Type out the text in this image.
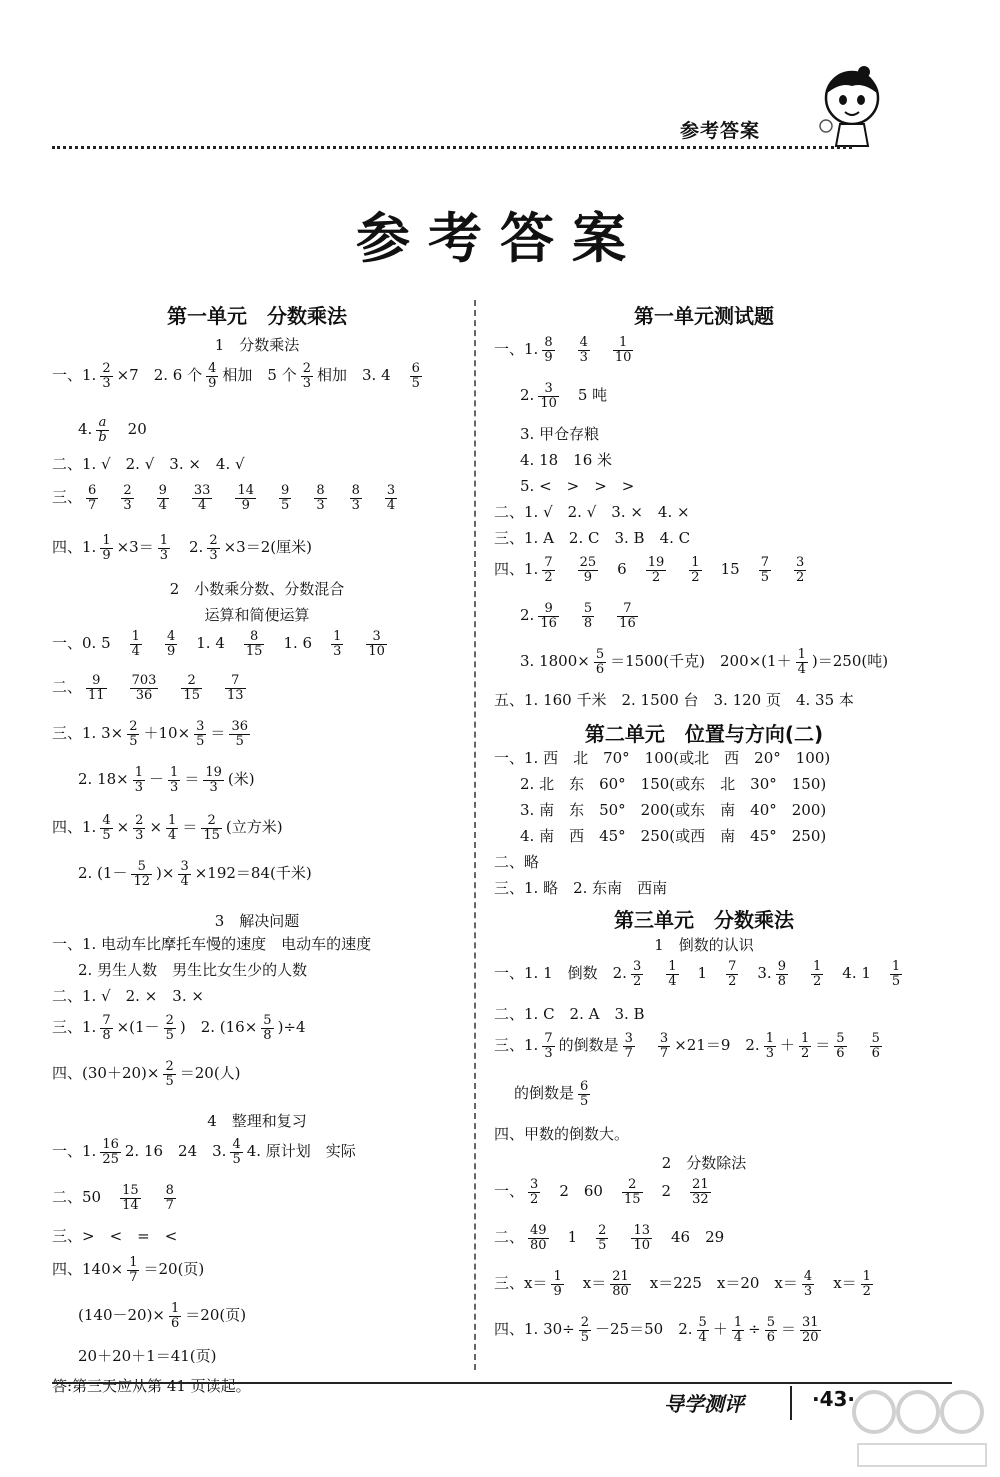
参考答案
参考答案
第一单元　分数乘法
1　分数乘法
一、1. $\frac{2}{3} \times 7$　2. 6 个 $\frac{4}{9}$ 相加　5 个 $\frac{2}{3}$ 相加　3. 4　 $\frac{6}{5}$
4. $\frac{a}{b}$
　 20
二、1. √　2. √　3. ×　4. √
三、 $\frac{6}{7}$
　 $\frac{2}{3}$
　 $\frac{9}{4}$
　 $\frac{33}{4}$
　 $\frac{14}{9}$
　 $\frac{9}{5}$
　 $\frac{8}{3}$
　 $\frac{8}{3}$
　 $\frac{3}{4}$
四、1. $\frac{1}{9} \times 3= \frac{1}{3}$
　 2. $\frac{2}{3} \times 3=2$(厘米)
2　小数乘分数、分数混合
运算和简便运算
一、0. 5　 $\frac{1}{4}$
　 $\frac{4}{9}$
　 1. 4　 $\frac{8}{15}$
　 1. 6　 $\frac{1}{3}$
　 $\frac{3}{10}$
二、 $\frac{9}{11}$
　 $\frac{703}{36}$
　 $\frac{2}{15}$
　 $\frac{7}{13}$
三、1. $3\times \frac{2}{5} +10\times \frac{3}{5} = \frac{36}{5}$
2. $18\times \frac{1}{3} - \frac{1}{3} = \frac{19}{3}$ (米)
四、1. $\frac{4}{5} \times \frac{2}{3} \times \frac{1}{4} = \frac{2}{15}$ (立方米)
2. ($1- \frac{5}{12}$ )× $\frac{3}{4} \times 192=84$(千米)
3　解决问题
一、1. 电动车比摩托车慢的速度　电动车的速度
2. 男生人数　男生比女生少的人数
二、1. √　2. ×　3. ×
三、1. $\frac{7}{8} \times(1- \frac{2}{5}$ )　2. $(16\times \frac{5}{8} )\div 4$
四、$(30+20)\times \frac{2}{5} =20$(人)
4　整理和复习
一、1. $\frac{16}{25} 2$. 16　24　3. $\frac{4}{5} 4$. 原计划　实际
二、50　 $\frac{15}{14}$
　 $\frac{8}{7}$
三、>　<　=　<
四、$140\times \frac{1}{7} =20$(页)
$(140-20)\times \frac{1}{6} =20$(页)
20＋20＋1＝41(页)
答:第三天应从第 41 页读起。
第一单元测试题
一、1. $\frac{8}{9}$
　 $\frac{4}{3}$
　 $\frac{1}{10}$
2. $\frac{3}{10}$
　 5 吨
3. 甲仓存粮
4. 18　16 米
5. <　>　>　>
二、1. √　2. √　3. ×　4. ×
三、1. A　2. C　3. B　4. C
四、1. $\frac{7}{2}$
　 $\frac{25}{9}$
　 6　 $\frac{19}{2}$
　 $\frac{1}{2}$
　 15　 $\frac{7}{5}$
　 $\frac{3}{2}$
2. $\frac{9}{16}$
　 $\frac{5}{8}$
　 $\frac{7}{16}$
3. $1800\times \frac{5}{6} =1500$(千克)　$200\times(1+ \frac{1}{4} )=250$(吨)
五、1. 160 千米　2. 1500 台　3. 120 页　4. 35 本
第二单元　位置与方向(二)
一、1. 西　北　70°　100(或北　西　20°　100)
2. 北　东　60°　150(或东　北　30°　150)
3. 南　东　50°　200(或东　南　40°　200)
4. 南　西　45°　250(或西　南　45°　250)
二、略
三、1. 略　2. 东南　西南
第三单元　分数乘法
1　倒数的认识
一、1. 1　倒数　2. $\frac{3}{2}$
　 $\frac{1}{4}$
　 1　 $\frac{7}{2}$
　 3. $\frac{9}{8}$
　 $\frac{1}{2}$
　 4. 1　 $\frac{1}{5}$
二、1. C　2. A　3. B
三、1. $\frac{7}{3}$ 的倒数是 $\frac{3}{7}$
　 $\frac{3}{7} \times 21=9$　2. $\frac{1}{3} + \frac{1}{2} = \frac{5}{6}$
　 $\frac{5}{6}$
的倒数是 $\frac{6}{5}$
四、甲数的倒数大。
2　分数除法
一、 $\frac{3}{2}$
　 2　60　 $\frac{2}{15}$
　 2　 $\frac{21}{32}$
二、 $\frac{49}{80}$
　 1　 $\frac{2}{5}$
　 $\frac{13}{10}$
　 46　29
三、$x= \frac{1}{9}$
　 $x= \frac{21}{80}$
　 x＝225　x＝20　$x= \frac{4}{3}$
　 $x= \frac{1}{2}$
四、1. $30\div \frac{2}{5} -25=50$　2. $\frac{5}{4} + \frac{1}{4} \div \frac{5}{6} = \frac{31}{20}$
导学测评	·43·
